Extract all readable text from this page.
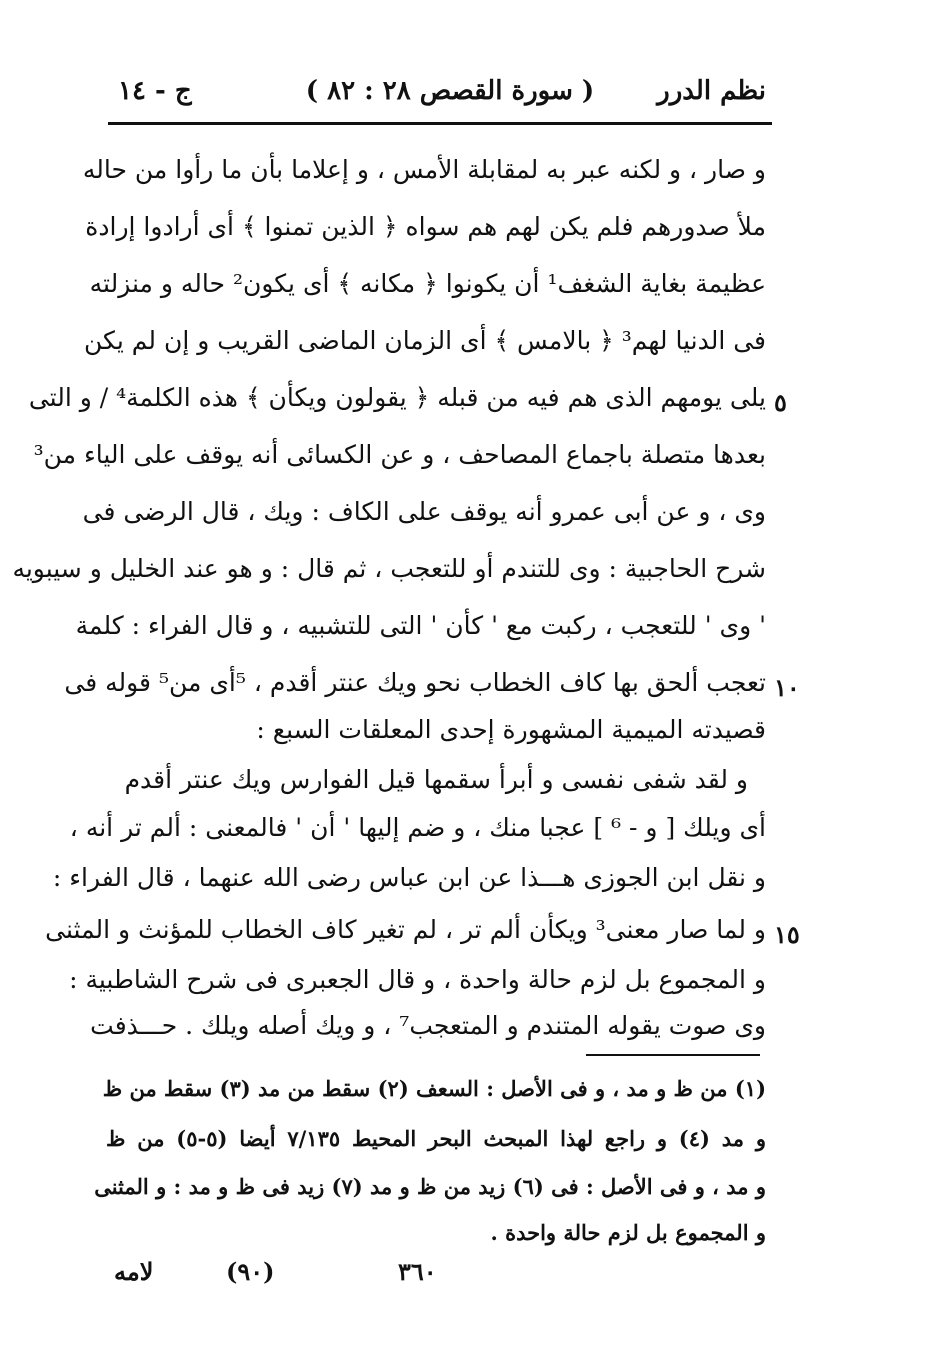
نظم الدرر
( سورة القصص ٢٨ : ٨٢ )
ج - ١٤
و صار ، و لكنه عبر به لمقابلة الأمس ، و إعلاما بأن ما رأوا من حاله
ملأ صدورهم فلم يكن لهم هم سواه ﴿ الذين تمنوا ﴾ أى أرادوا إرادة
عظيمة بغاية الشغف¹ أن يكونوا ﴿ مكانه ﴾ أى يكون² حاله و منزلته
فى الدنيا لهم³ ﴿ بالامس ﴾ أى الزمان الماضى القريب و إن لم يكن
يلى يومهم الذى هم فيه من قبله ﴿ يقولون ويكأن ﴾ هذه الكلمة⁴ / و التى ٥
بعدها متصلة باجماع المصاحف ، و عن الكسائى أنه يوقف على الياء من³
وى ، و عن أبى عمرو أنه يوقف على الكاف : ويك ، قال الرضى فى
شرح الحاجبية : وى للتندم أو للتعجب ، ثم قال : و هو عند الخليل و سيبويه
' وى ' للتعجب ، ركبت مع ' كأن ' التى للتشبيه ، و قال الفراء : كلمة
تعجب ألحق بها كاف الخطاب نحو ويك عنتر أقدم ، ⁵أى من⁵ قوله فى ١٠
قصيدته الميمية المشهورة إحدى المعلقات السبع :
و لقد شفى نفسى و أبرأ سقمها قيل الفوارس ويك عنتر أقدم
أى ويلك [ و - ⁶ ] عجبا منك ، و ضم إليها ' أن ' فالمعنى : ألم تر أنه ،
و نقل ابن الجوزى هـــذا عن ابن عباس رضى الله عنهما ، قال الفراء :
و لما صار معنى³ ويكأن ألم تر ، لم تغير كاف الخطاب للمؤنث و المثنى ١٥
و المجموع بل لزم حالة واحدة ، و قال الجعبرى فى شرح الشاطبية :
وى صوت يقوله المتندم و المتعجب⁷ ، و ويك أصله ويلك . حـــذفت
(١) من ظ و مد ، و فى الأصل : السعف (٢) سقط من مد (٣) سقط من ظ
و مد (٤) و راجع لهذا المبحث البحر المحيط ٧/١٣٥ أيضا (٥-٥) من ظ
و مد ، و فى الأصل : فى (٦) زيد من ظ و مد (٧) زيد فى ظ و مد : و المثنى
و المجموع بل لزم حالة واحدة .
٣٦٠
(٩٠)
لامه
